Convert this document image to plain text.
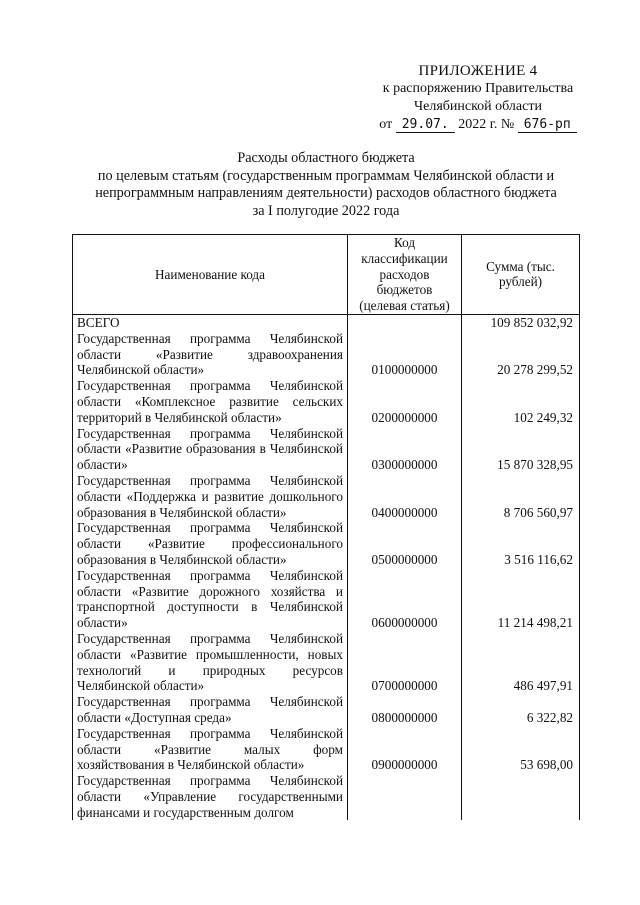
ПРИЛОЖЕНИЕ 4
к распоряжению Правительства
Челябинской области
от 29.07. 2022 г. № 676-рп
Расходы областного бюджета
по целевым статьям (государственным программам Челябинской области и
непрограммным направлениям деятельности) расходов областного бюджета
за I полугодие 2022 года
Наименование кода	Код классификации расходов бюджетов (целевая статья)	Сумма (тыс. рублей)
ВСЕГО		109 852 032,92
Государственная программа Челябинской области «Развитие здравоохранения Челябинской области»	0100000000	20 278 299,52
Государственная программа Челябинской области «Комплексное развитие сельских территорий в Челябинской области»	0200000000	102 249,32
Государственная программа Челябинской области «Развитие образования в Челябинской области»	0300000000	15 870 328,95
Государственная программа Челябинской области «Поддержка и развитие дошкольного образования в Челябинской области»	0400000000	8 706 560,97
Государственная программа Челябинской области «Развитие профессионального образования в Челябинской области»	0500000000	3 516 116,62
Государственная программа Челябинской области «Развитие дорожного хозяйства и транспортной доступности в Челябинской области»	0600000000	11 214 498,21
Государственная программа Челябинской области «Развитие промышленности, новых технологий и природных ресурсов Челябинской области»	0700000000	486 497,91
Государственная программа Челябинской области «Доступная среда»	0800000000	6 322,82
Государственная программа Челябинской области «Развитие малых форм хозяйствования в Челябинской области»	0900000000	53 698,00
Государственная программа Челябинской области «Управление государственными финансами и государственным долгом		
